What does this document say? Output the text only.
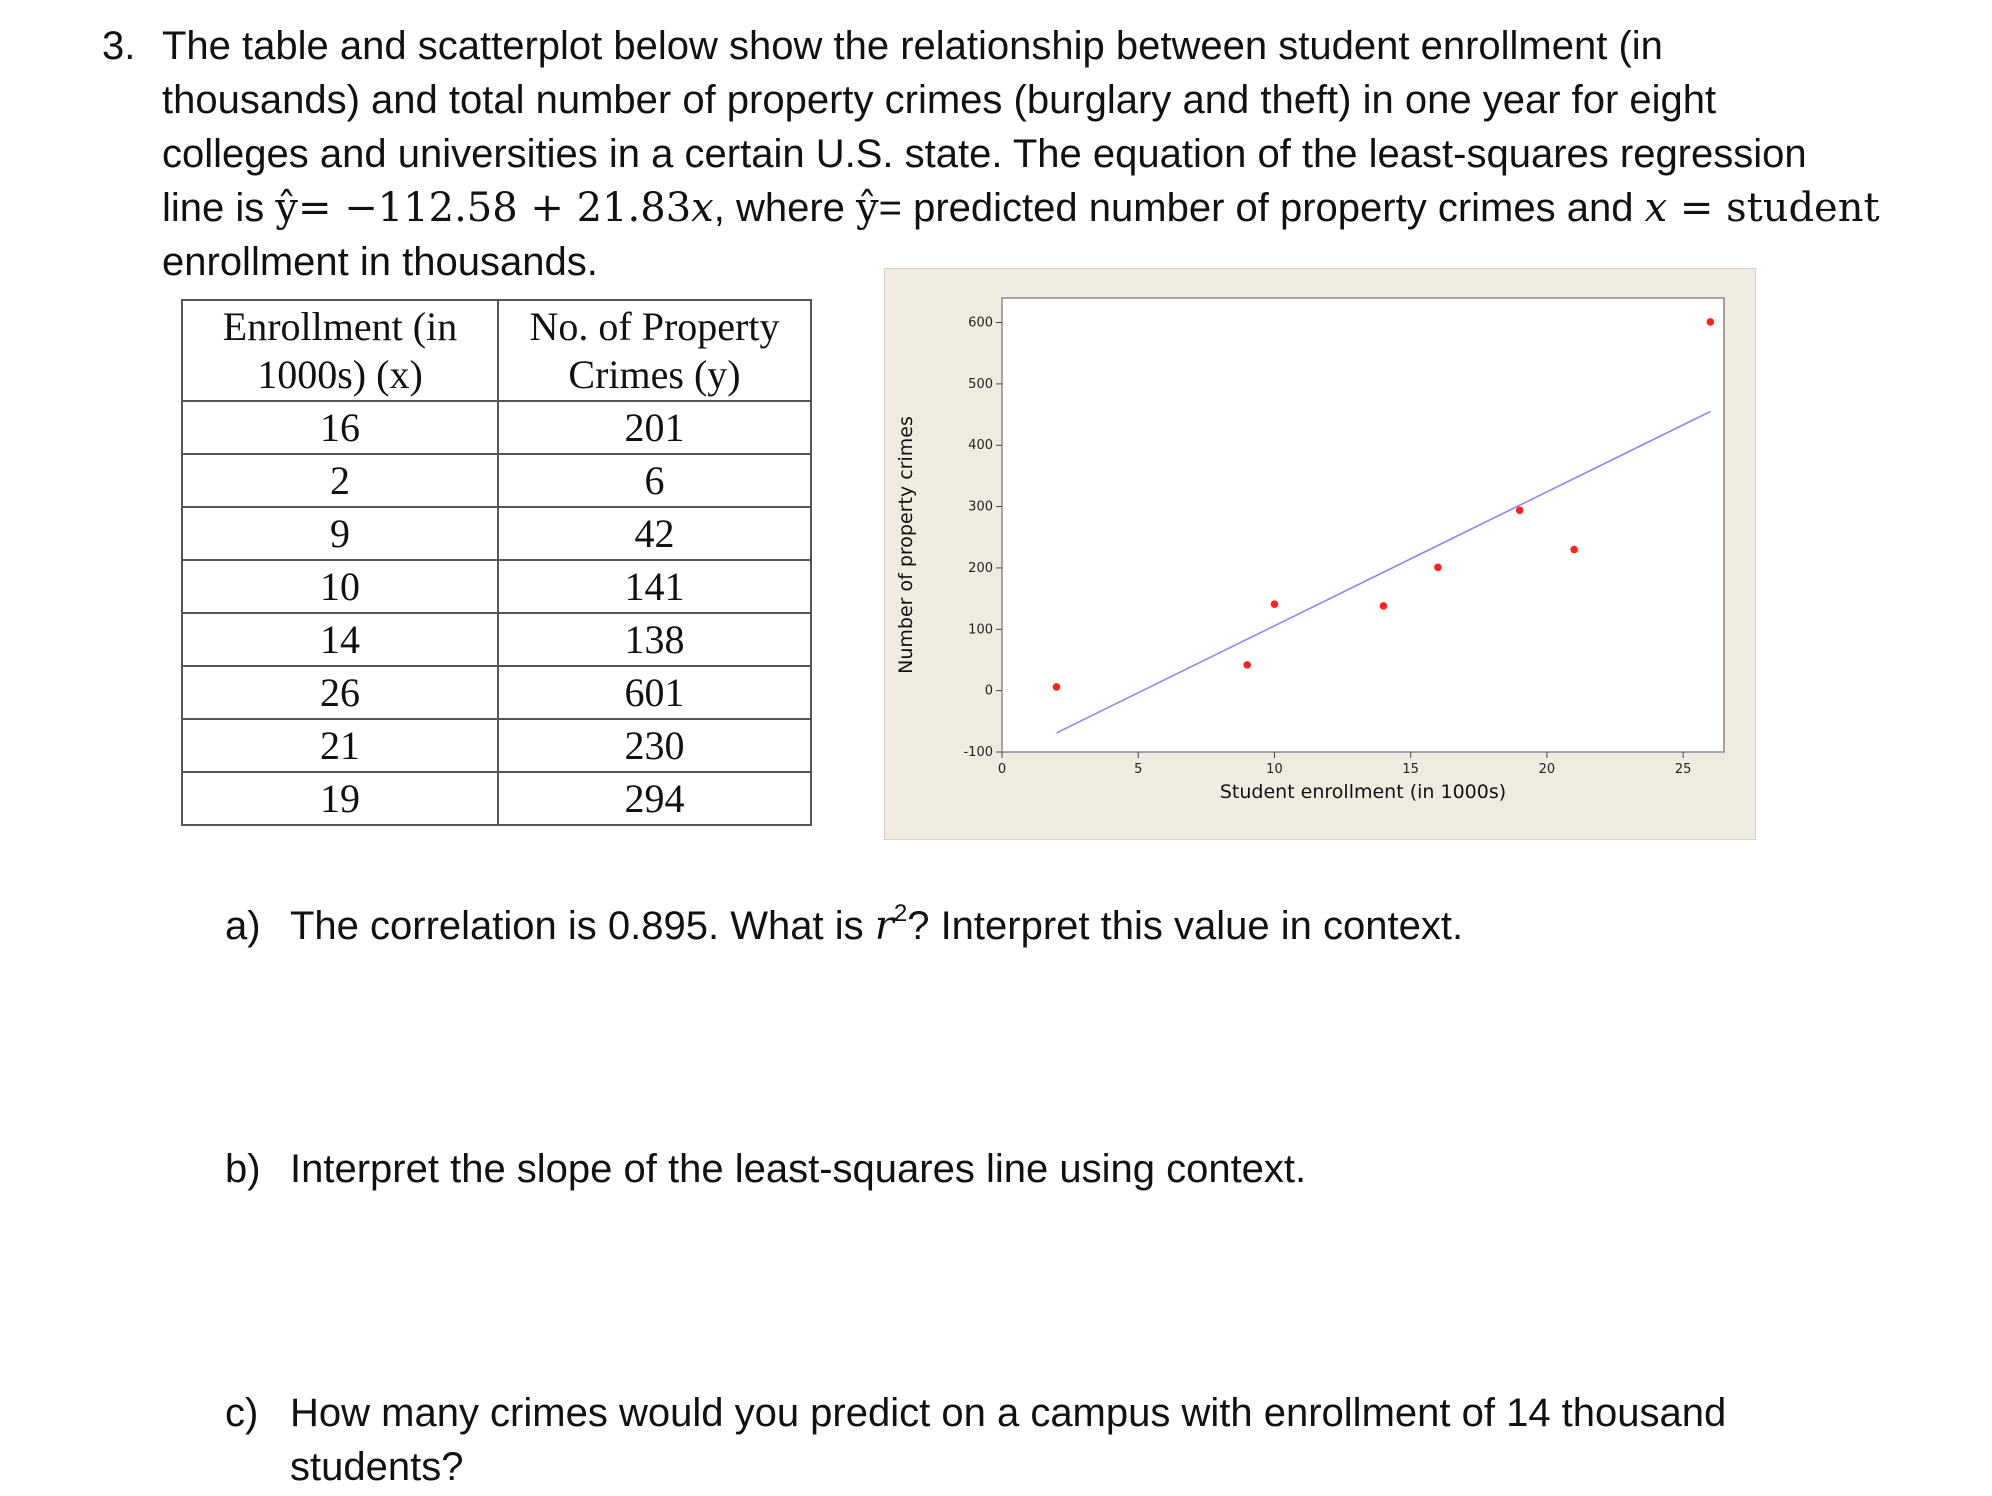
3. The table and scatterplot below show the relationship between student enrollment (in
thousands) and total number of property crimes (burglary and theft) in one year for eight
colleges and universities in a certain U.S. state. The equation of the least-squares regression
line is ŷ= −112.58 + 21.83x, where ŷ= predicted number of property crimes and x = student
enrollment in thousands.
Enrollment (in
1000s) (x)	No. of Property
Crimes (y)

16	201
2	6
9	42
10	141
14	138
26	601
21	230
19	294
-100
0
100
200
300
400
500
600
0	5	10	15	20	25
Student enrollment (in 1000s)
Number of property crimes
a) The correlation is 0.895. What is $r^2$? Interpret this value in context.
b) Interpret the slope of the least-squares line using context.
c) How many crimes would you predict on a campus with enrollment of 14 thousand
students?
